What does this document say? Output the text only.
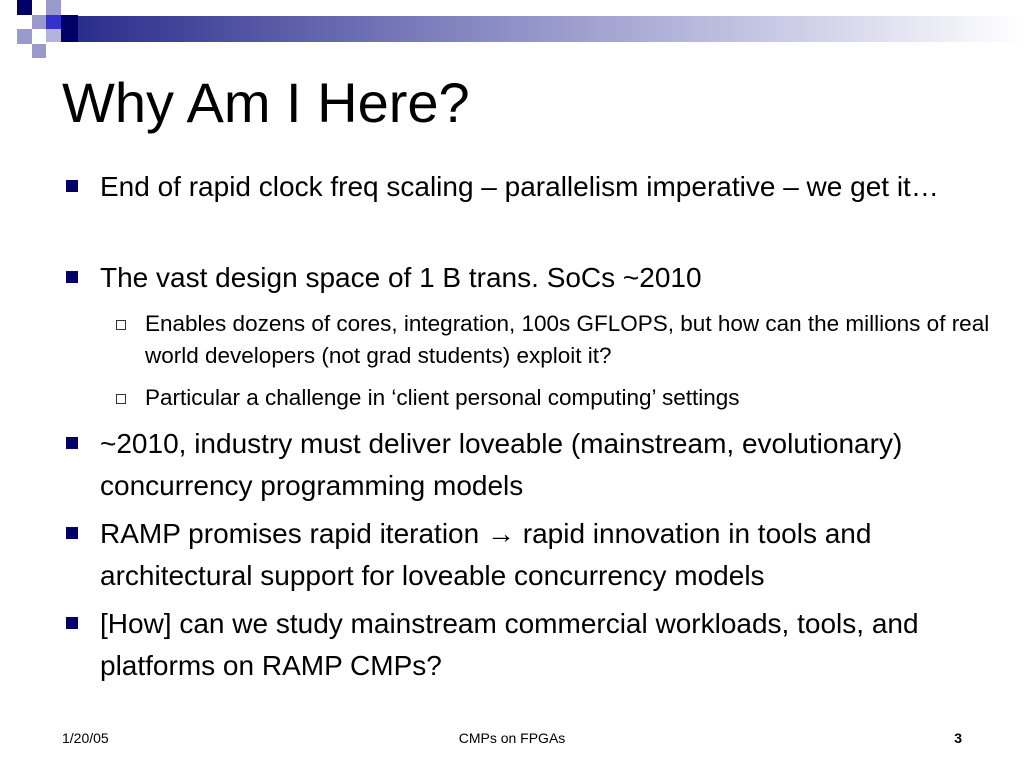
Why Am I Here?
End of rapid clock freq scaling – parallelism imperative – we get it…
The vast design space of 1 B trans. SoCs ~2010
Enables dozens of cores, integration, 100s GFLOPS, but how can the millions of real world developers (not grad students) exploit it?
Particular a challenge in ‘client personal computing’ settings
~2010, industry must deliver loveable (mainstream, evolutionary) concurrency programming models
RAMP promises rapid iteration → rapid innovation in tools and architectural support for loveable concurrency models
[How] can we study mainstream commercial workloads, tools, and platforms on RAMP CMPs?
1/20/05	CMPs on FPGAs	3
